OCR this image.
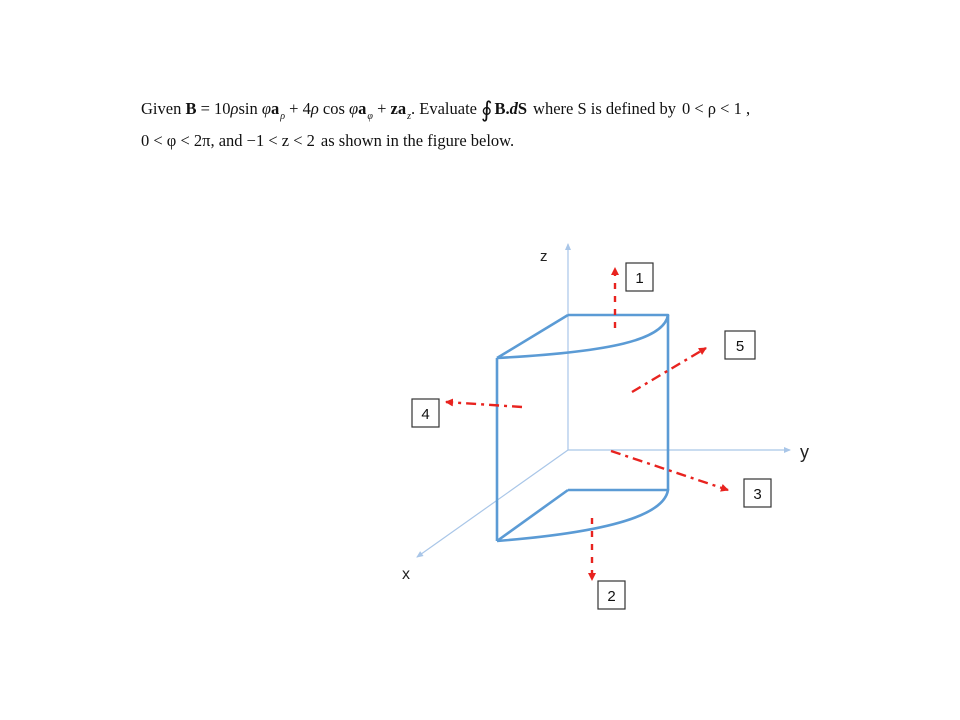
Given B = 10ρsin $\varphi a_\rho + 4\rho$ $\cos \varphi a_\varphi + za_z$. Evaluate ∮ B.dS where S is defined by 0 < ρ < 1 ,
0 < φ < 2π, and −1 < z < 2 as shown in the figure below.
z
y
x
1
2
3
4
5
